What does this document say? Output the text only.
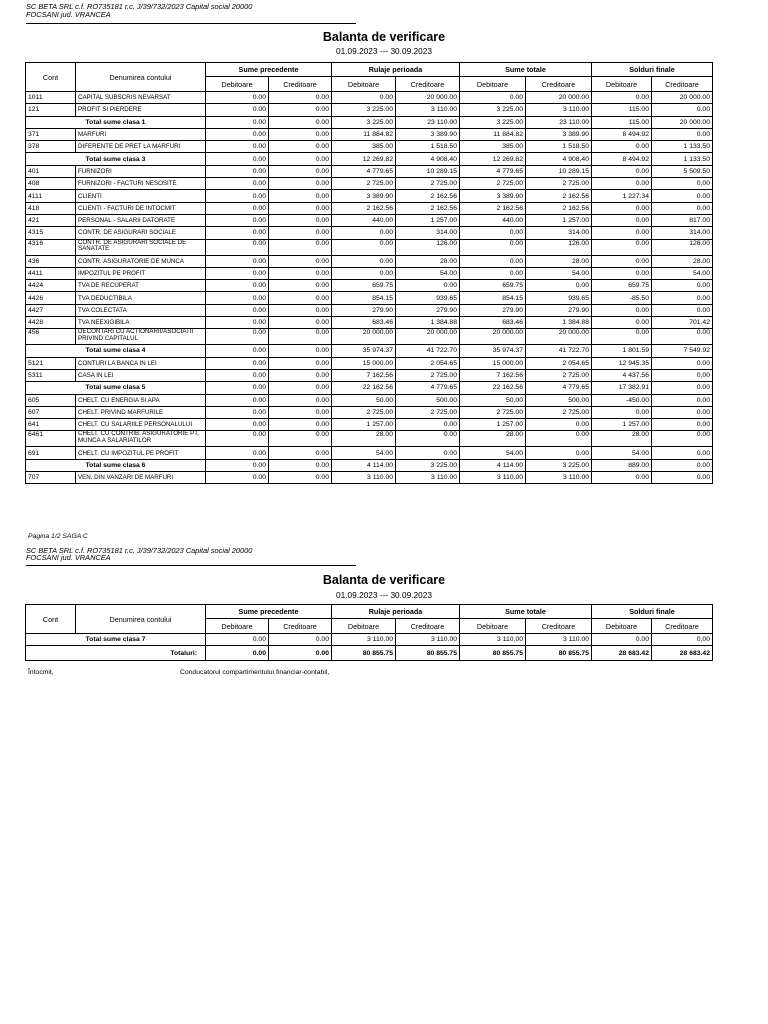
SC BETA SRL c.f. RO735181 r.c. J/39/732/2023 Capital social 20000
FOCSANI jud. VRANCEA
Balanta de verificare
01.09.2023 --- 30.09.2023
Cont	Denumirea contului	Sume precedente		Rulaje perioada		Sume totale		Solduri finale	
		Debitoare	Creditoare	Debitoare	Creditoare	Debitoare	Creditoare	Debitoare	Creditoare
1011	CAPITAL SUBSCRIS NEVARSAT	0.00	0.00	0.00	20 000.00	0.00	20 000.00	0.00	20 000.00
121	PROFIT SI PIERDERE	0.00	0.00	3 225.00	3 110.00	3 225.00	3 110.00	115.00	0.00
Total sume clasa 1		0.00	0.00	3 225.00	23 110.00	3 225.00	23 110.00	115.00	20 000.00
371	MARFURI	0.00	0.00	11 884.82	3 389.90	11 884.82	3 389.90	8 494.92	0.00
378	DIFERENTE DE PRET LA MARFURI	0.00	0.00	385.00	1 518.50	385.00	1 518.50	0.00	1 133.50
Total sume clasa 3		0.00	0.00	12 269.82	4 908.40	12 269.82	4 908.40	8 494.92	1 133.50
401	FURNIZORI	0.00	0.00	4 779.65	10 289.15	4 779.65	10 289.15	0.00	5 509.50
408	FURNIZORI - FACTURI NESOSITE	0.00	0.00	2 725.00	2 725.00	2 725.00	2 725.00	0.00	0.00
4111	CLIENTI	0.00	0.00	3 389.90	2 162.56	3 389.90	2 162.56	1 227.34	0.00
418	CLIENTI - FACTURI DE INTOCMIT	0.00	0.00	2 162.56	2 162.56	2 162.56	2 162.56	0.00	0.00
421	PERSONAL - SALARII DATORATE	0.00	0.00	440.00	1 257.00	440.00	1 257.00	0.00	817.00
4315	CONTR. DE ASIGURARI SOCIALE	0.00	0.00	0.00	314.00	0.00	314.00	0.00	314.00
4316	CONTR. DE ASIGURARI SOCIALE DE SANATATE	0.00	0.00	0.00	126.00	0.00	126.00	0.00	126.00
436	CONTR. ASIGURATORIE DE MUNCA	0.00	0.00	0.00	28.00	0.00	28.00	0.00	28.00
4411	IMPOZITUL PE PROFIT	0.00	0.00	0.00	54.00	0.00	54.00	0.00	54.00
4424	TVA DE RECUPERAT	0.00	0.00	659.75	0.00	659.75	0.00	659.75	0.00
4426	TVA DEDUCTIBILA	0.00	0.00	854.15	939.65	854.15	939.65	-85.50	0.00
4427	TVA COLECTATA	0.00	0.00	279.90	279.90	279.90	279.90	0.00	0.00
4428	TVA NEEXIGIBILA	0.00	0.00	683.46	1 384.88	683.46	1 384.88	0.00	701.42
456	DECONTARI CU ACTIONARII/ASOCIATII PRIVIND CAPITALUL	0.00	0.00	20 000.00	20 000.00	20 000.00	20 000.00	0.00	0.00
Total sume clasa 4		0.00	0.00	35 974.37	41 722.70	35 974.37	41 722.70	1 801.59	7 549.92
5121	CONTURI LA BANCA IN LEI	0.00	0.00	15 000.00	2 054.65	15 000.00	2 054.65	12 945.35	0.00
5311	CASA IN LEI	0.00	0.00	7 162.56	2 725.00	7 162.56	2 725.00	4 437.56	0.00
Total sume clasa 5		0.00	0.00	22 162.56	4 779.65	22 162.56	4 779.65	17 382.91	0.00
605	CHELT. CU ENERGIA SI APA	0.00	0.00	50.00	500.00	50.00	500.00	-450.00	0.00
607	CHELT. PRIVIND MARFURILE	0.00	0.00	2 725.00	2 725.00	2 725.00	2 725.00	0.00	0.00
641	CHELT. CU SALARIILE PERSONALULUI	0.00	0.00	1 257.00	0.00	1 257.00	0.00	1 257.00	0.00
6461	CHELT. CU CONTRIB. ASIGURATORIE PT. MUNCA A SALARIATILOR	0.00	0.00	28.00	0.00	28.00	0.00	28.00	0.00
691	CHELT. CU IMPOZITUL PE PROFIT	0.00	0.00	54.00	0.00	54.00	0.00	54.00	0.00
Total sume clasa 6		0.00	0.00	4 114.00	3 225.00	4 114.00	3 225.00	889.00	0.00
707	VEN. DIN VANZARI DE MARFURI	0.00	0.00	3 110.00	3 110.00	3 110.00	3 110.00	0.00	0.00
Pagina 1/2 SAGA C
SC BETA SRL c.f. RO735181 r.c. J/39/732/2023 Capital social 20000
FOCSANI jud. VRANCEA
Balanta de verificare
01.09.2023 --- 30.09.2023
Cont	Denumirea contului	Sume precedente		Rulaje perioada		Sume totale		Solduri finale	
		Debitoare	Creditoare	Debitoare	Creditoare	Debitoare	Creditoare	Debitoare	Creditoare
Total sume clasa 7		0.00	0.00	3 110.00	3 110.00	3 110.00	3 110.00	0.00	0.00
Totaluri:		0.00	0.00	80 855.75	80 855.75	80 855.75	80 855.75	28 683.42	28 683.42
Întocmit,	Conducatorul compartimentului financiar-contabil,
